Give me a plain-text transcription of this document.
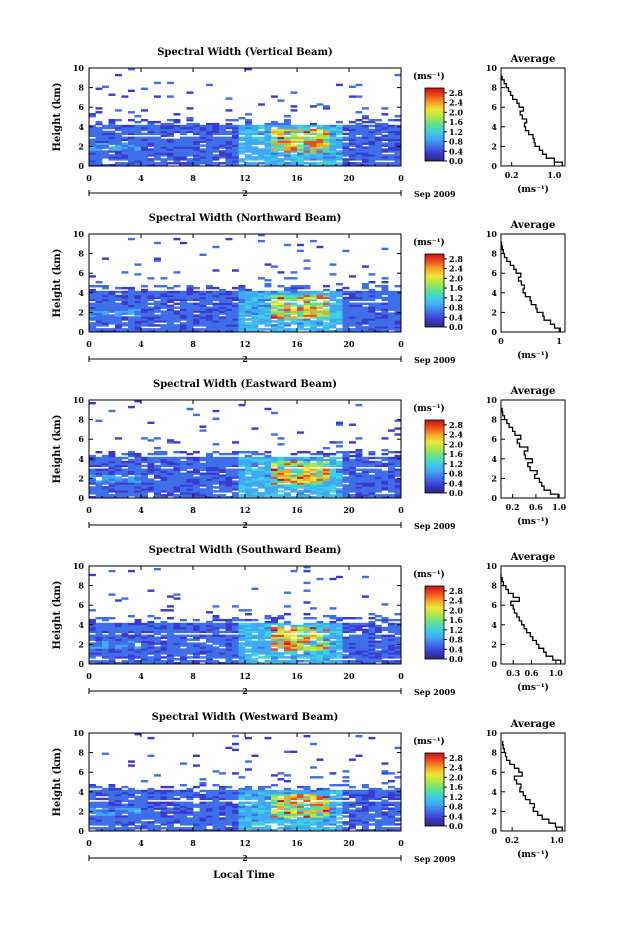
Spectral Width (Vertical Beam)
0	4	8	12	16	20	0
0
2
4
6
8
10
Height (km)
2	Sep 2009
(ms⁻¹)
0.0
0.4
0.8
1.2
1.6
2.0
2.4
2.8
Average
0
2
4
6
8
10
0.2	1.0
(ms⁻¹)
Spectral Width (Northward Beam)
0	4	8	12	16	20	0
0
2
4
6
8
10
Height (km)
2	Sep 2009
(ms⁻¹)
0.0
0.4
0.8
1.2
1.6
2.0
2.4
2.8
Average
0
2
4
6
8
10
0	1
(ms⁻¹)
Spectral Width (Eastward Beam)
0	4	8	12	16	20	0
0
2
4
6
8
10
Height (km)
2	Sep 2009
(ms⁻¹)
0.0
0.4
0.8
1.2
1.6
2.0
2.4
2.8
Average
0
2
4
6
8
10
0.2 0.6 1.0
(ms⁻¹)
Spectral Width (Southward Beam)
0	4	8	12	16	20	0
0
2
4
6
8
10
Height (km)
2	Sep 2009
(ms⁻¹)
0.0
0.4
0.8
1.2
1.6
2.0
2.4
2.8
Average
0
2
4
6
8
10
0.3 0.6 1.0
(ms⁻¹)
Spectral Width (Westward Beam)
0	4	8	12	16	20	0
0
2
4
6
8
10
Height (km)
2	Sep 2009
(ms⁻¹)
0.0
0.4
0.8
1.2
1.6
2.0
2.4
2.8
Average
0
2
4
6
8
10
0.2	1.0
(ms⁻¹)
Local Time
